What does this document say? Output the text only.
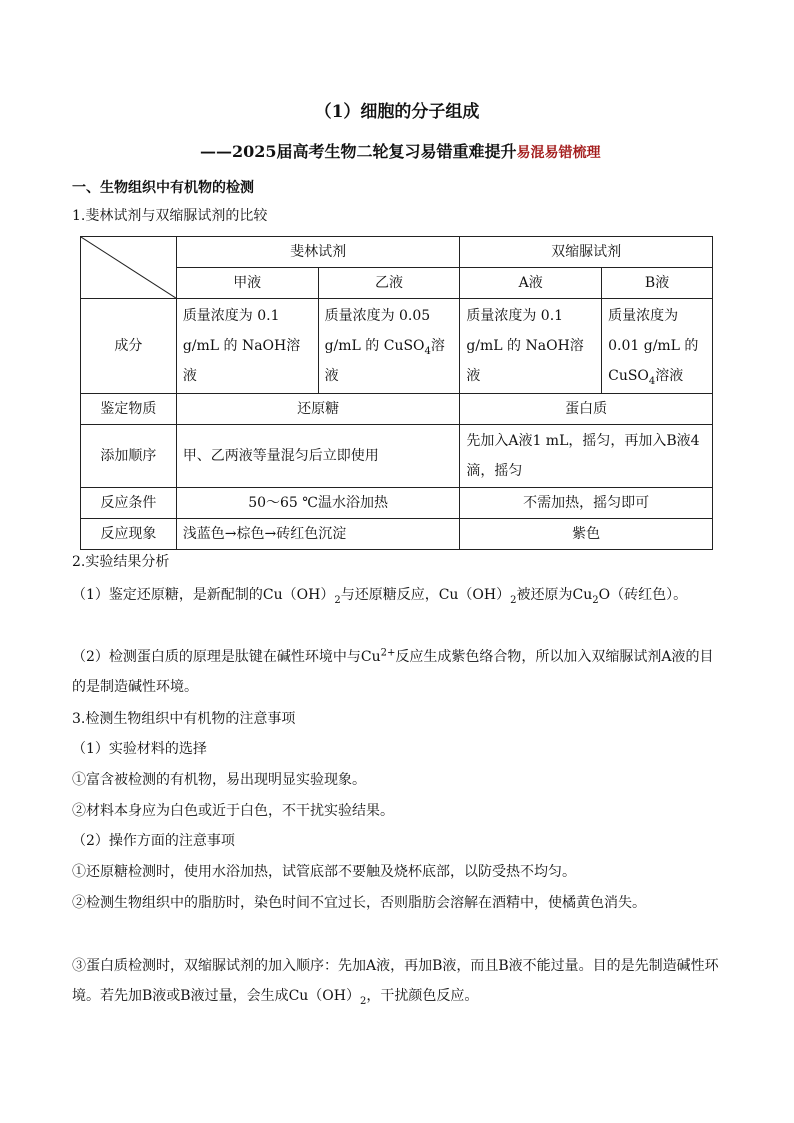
（1）细胞的分子组成
——2025届高考生物二轮复习易错重难提升易混易错梳理
一、生物组织中有机物的检测
1.斐林试剂与双缩脲试剂的比较
	斐林试剂		双缩脲试剂	
	甲液	乙液	A液	B液
成分	质量浓度为 0.1 g/mL 的 NaOH溶液	质量浓度为 0.05 g/mL 的 CuSO$_4$溶液	质量浓度为 0.1 g/mL 的 NaOH溶液	质量浓度为 0.01 g/mL 的 CuSO$_4$溶液
鉴定物质	还原糖		蛋白质	
添加顺序	甲、乙两液等量混匀后立即使用		先加入A液1 mL，摇匀，再加入B液4滴，摇匀	
反应条件	50～65 ℃温水浴加热		不需加热，摇匀即可	
反应现象	浅蓝色→棕色→砖红色沉淀		紫色	
2.实验结果分析
（1）鉴定还原糖，是新配制的$Cu(OH)_2$与还原糖反应，$Cu(OH)_2$被还原为$Cu_2O$（砖红色）。
（2）检测蛋白质的原理是肽键在碱性环境中与$Cu^{2+}$反应生成紫色络合物，所以加入双缩脲试剂A液的目的是制造碱性环境。
3.检测生物组织中有机物的注意事项
（1）实验材料的选择
①富含被检测的有机物，易出现明显实验现象。
②材料本身应为白色或近于白色，不干扰实验结果。
（2）操作方面的注意事项
①还原糖检测时，使用水浴加热，试管底部不要触及烧杯底部，以防受热不均匀。
②检测生物组织中的脂肪时，染色时间不宜过长，否则脂肪会溶解在酒精中，使橘黄色消失。
③蛋白质检测时，双缩脲试剂的加入顺序：先加A液，再加B液，而且B液不能过量。目的是先制造碱性环境。若先加B液或B液过量，会生成$Cu(OH)_2$，干扰颜色反应。
